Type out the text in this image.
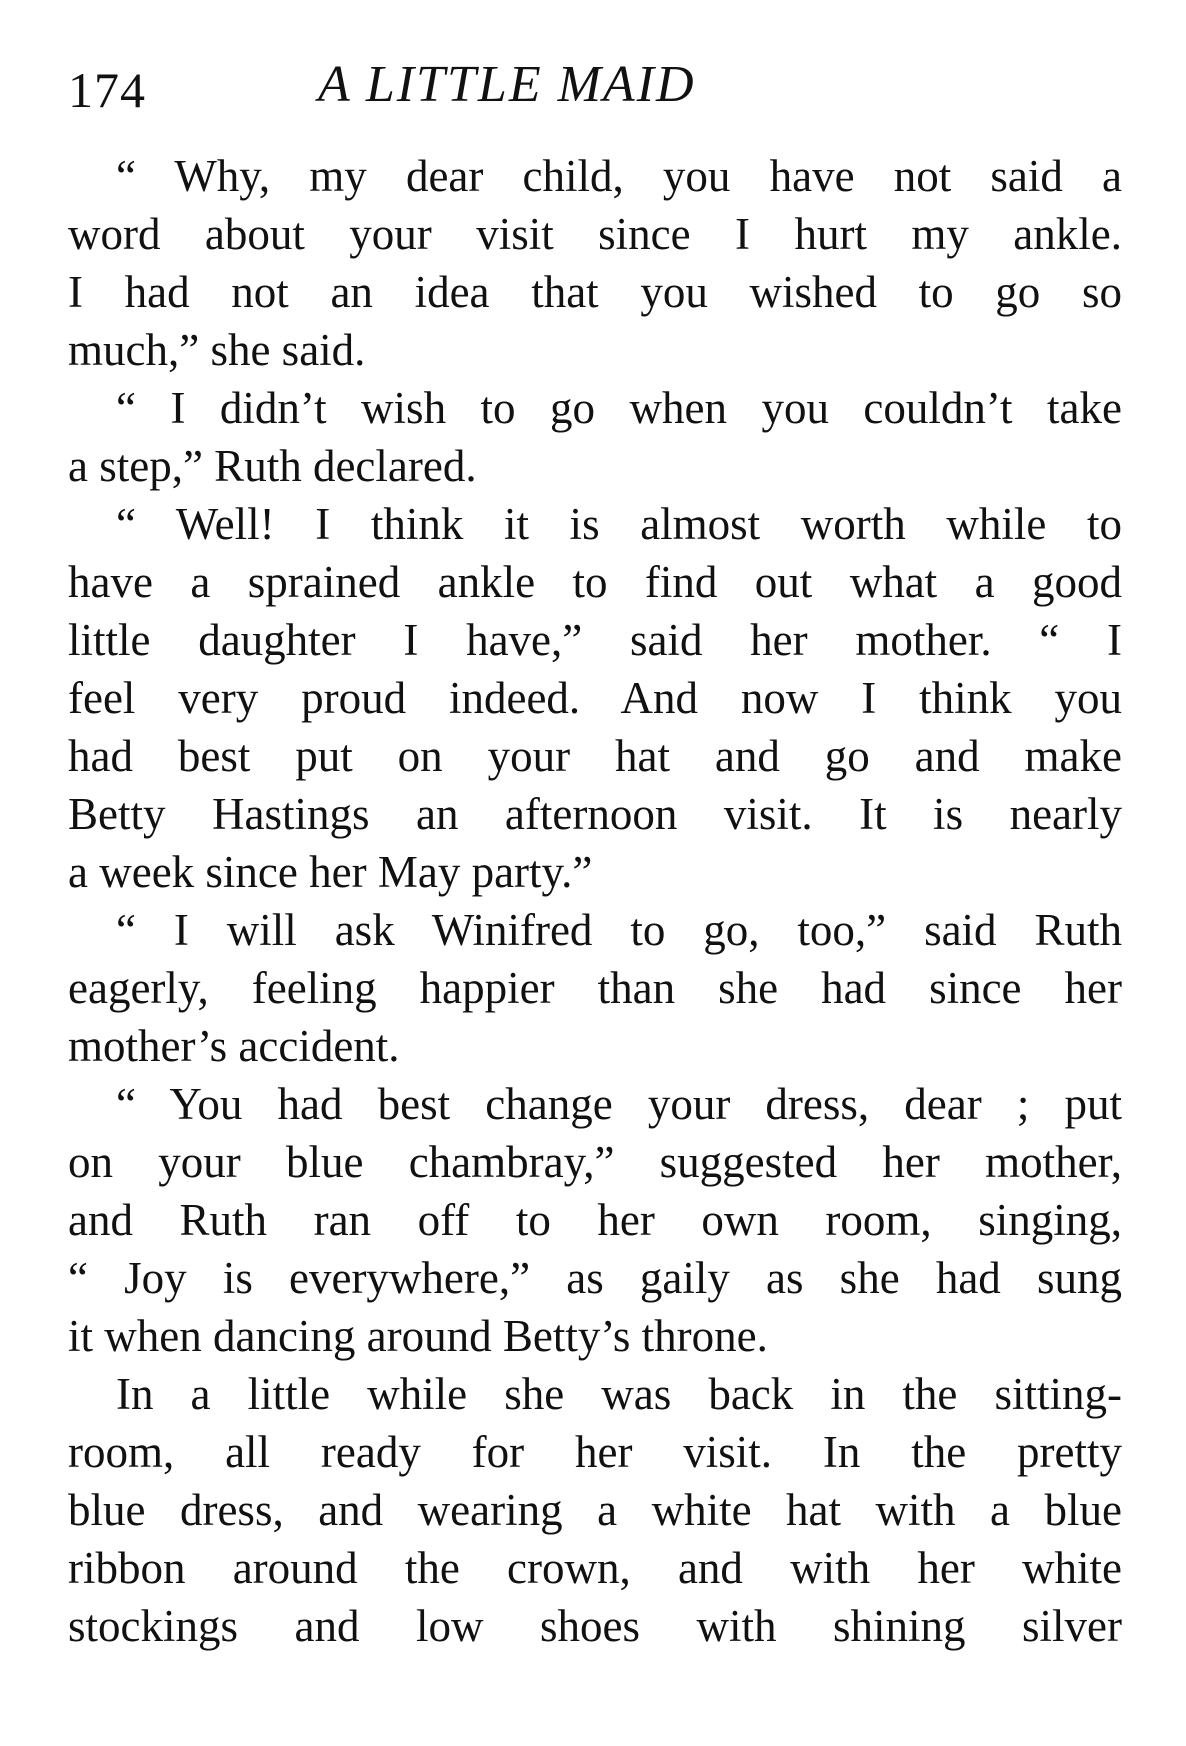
174	A LITTLE MAID
“ Why, my dear child, you have not said a
word about your visit since I hurt my ankle.
I had not an idea that you wished to go so
much,” she said.
“ I didn’t wish to go when you couldn’t take
a step,” Ruth declared.
“ Well! I think it is almost worth while to
have a sprained ankle to find out what a good
little daughter I have,” said her mother. “ I
feel very proud indeed. And now I think you
had best put on your hat and go and make
Betty Hastings an afternoon visit. It is nearly
a week since her May party.”
“ I will ask Winifred to go, too,” said Ruth
eagerly, feeling happier than she had since her
mother’s accident.
“ You had best change your dress, dear ; put
on your blue chambray,” suggested her mother,
and Ruth ran off to her own room, singing,
“ Joy is everywhere,” as gaily as she had sung
it when dancing around Betty’s throne.
In a little while she was back in the sitting-
room, all ready for her visit. In the pretty
blue dress, and wearing a white hat with a blue
ribbon around the crown, and with her white
stockings and low shoes with shining silver
